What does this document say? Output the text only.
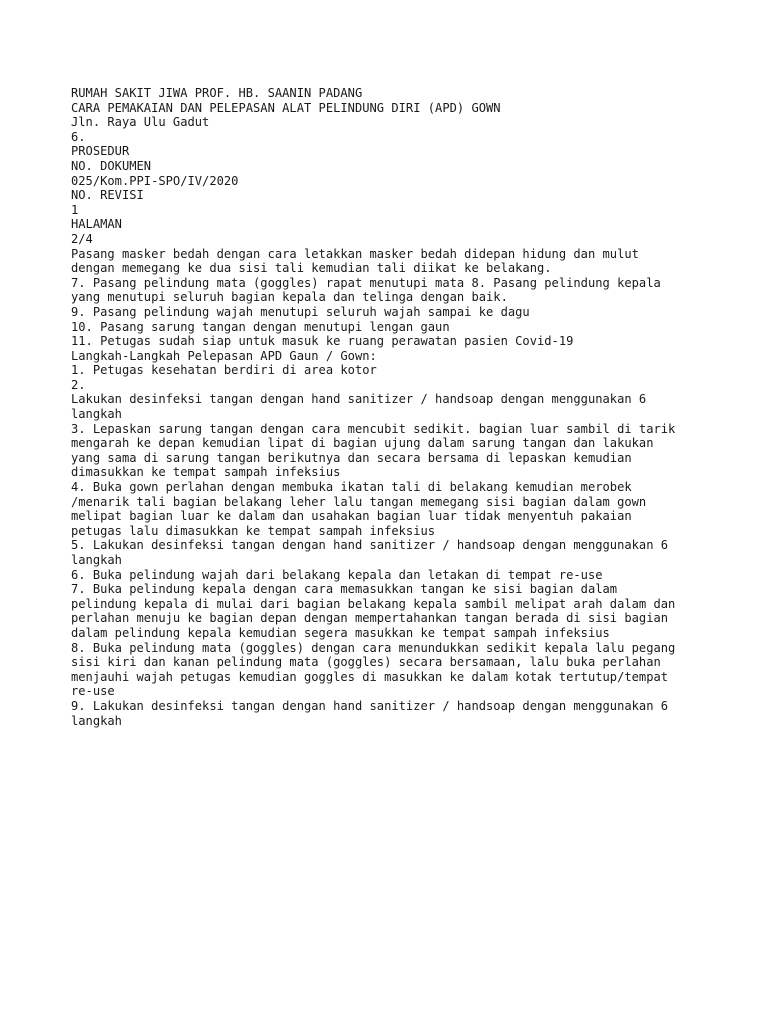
RUMAH SAKIT JIWA PROF. HB. SAANIN PADANG
CARA PEMAKAIAN DAN PELEPASAN ALAT PELINDUNG DIRI (APD) GOWN
Jln. Raya Ulu Gadut
6.
PROSEDUR
NO. DOKUMEN
025/Kom.PPI-SPO/IV/2020
NO. REVISI
1
HALAMAN
2/4
Pasang masker bedah dengan cara letakkan masker bedah didepan hidung dan mulut
dengan memegang ke dua sisi tali kemudian tali diikat ke belakang.
7. Pasang pelindung mata (goggles) rapat menutupi mata 8. Pasang pelindung kepala
yang menutupi seluruh bagian kepala dan telinga dengan baik.
9. Pasang pelindung wajah menutupi seluruh wajah sampai ke dagu
10. Pasang sarung tangan dengan menutupi lengan gaun
11. Petugas sudah siap untuk masuk ke ruang perawatan pasien Covid-19
Langkah-Langkah Pelepasan APD Gaun / Gown:
1. Petugas kesehatan berdiri di area kotor
2.
Lakukan desinfeksi tangan dengan hand sanitizer / handsoap dengan menggunakan 6
langkah
3. Lepaskan sarung tangan dengan cara mencubit sedikit. bagian luar sambil di tarik
mengarah ke depan kemudian lipat di bagian ujung dalam sarung tangan dan lakukan
yang sama di sarung tangan berikutnya dan secara bersama di lepaskan kemudian
dimasukkan ke tempat sampah infeksius
4. Buka gown perlahan dengan membuka ikatan tali di belakang kemudian merobek
/menarik tali bagian belakang leher lalu tangan memegang sisi bagian dalam gown
melipat bagian luar ke dalam dan usahakan bagian luar tidak menyentuh pakaian
petugas lalu dimasukkan ke tempat sampah infeksius
5. Lakukan desinfeksi tangan dengan hand sanitizer / handsoap dengan menggunakan 6
langkah
6. Buka pelindung wajah dari belakang kepala dan letakan di tempat re-use
7. Buka pelindung kepala dengan cara memasukkan tangan ke sisi bagian dalam
pelindung kepala di mulai dari bagian belakang kepala sambil melipat arah dalam dan
perlahan menuju ke bagian depan dengan mempertahankan tangan berada di sisi bagian
dalam pelindung kepala kemudian segera masukkan ke tempat sampah infeksius
8. Buka pelindung mata (goggles) dengan cara menundukkan sedikit kepala lalu pegang
sisi kiri dan kanan pelindung mata (goggles) secara bersamaan, lalu buka perlahan
menjauhi wajah petugas kemudian goggles di masukkan ke dalam kotak tertutup/tempat
re-use
9. Lakukan desinfeksi tangan dengan hand sanitizer / handsoap dengan menggunakan 6
langkah
